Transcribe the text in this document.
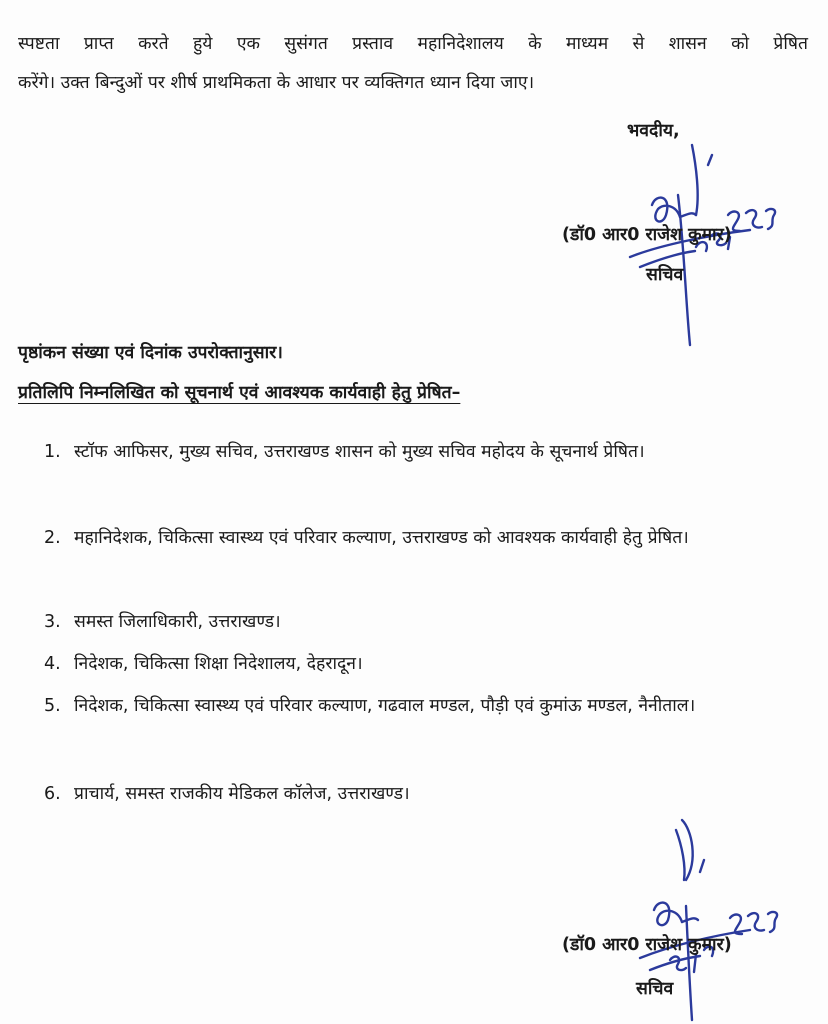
स्पष्टता प्राप्त करते हुये एक सुसंगत प्रस्ताव महानिदेशालय के माध्यम से शासन को प्रेषित
करेंगे। उक्त बिन्दुओं पर शीर्ष प्राथमिकता के आधार पर व्यक्तिगत ध्यान दिया जाए।
भवदीय,
(डॉ0 आर0 राजेश कुमार)
सचिव
पृष्ठांकन संख्या एवं दिनांक उपरोक्तानुसार।
प्रतिलिपि निम्नलिखित को सूचनार्थ एवं आवश्यक कार्यवाही हेतु प्रेषित–
1. स्टॉफ आफिसर, मुख्य सचिव, उत्तराखण्ड शासन को मुख्य सचिव महोदय के सूचनार्थ प्रेषित।
2. महानिदेशक, चिकित्सा स्वास्थ्य एवं परिवार कल्याण, उत्तराखण्ड को आवश्यक कार्यवाही हेतु प्रेषित।
3. समस्त जिलाधिकारी, उत्तराखण्ड।
4. निदेशक, चिकित्सा शिक्षा निदेशालय, देहरादून।
5. निदेशक, चिकित्सा स्वास्थ्य एवं परिवार कल्याण, गढवाल मण्डल, पौड़ी एवं कुमांऊ मण्डल, नैनीताल।
6. प्राचार्य, समस्त राजकीय मेडिकल कॉलेज, उत्तराखण्ड।
(डॉ0 आर0 राजेश कुमार)
सचिव
